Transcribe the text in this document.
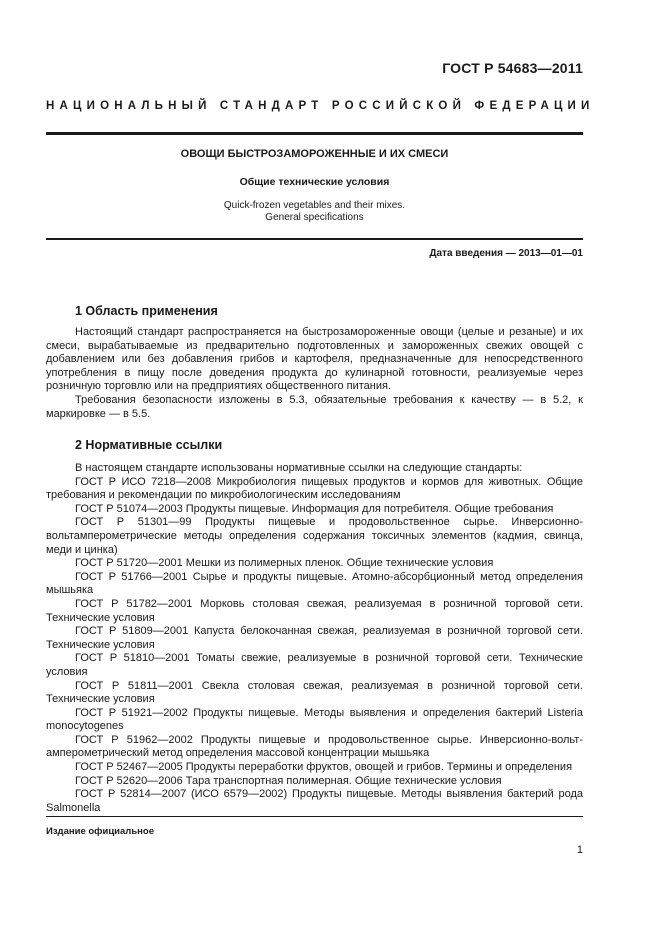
ГОСТ Р 54683—2011
НАЦИОНАЛЬНЫЙ СТАНДАРТ РОССИЙСКОЙ ФЕДЕРАЦИИ
ОВОЩИ БЫСТРОЗАМОРОЖЕННЫЕ И ИХ СМЕСИ
Общие технические условия
Quick-frozen vegetables and their mixes.
General specifications
Дата введения — 2013—01—01
1 Область применения

Настоящий стандарт распространяется на быстрозамороженные овощи (целые и резаные) и их смеси, вырабатываемые из предварительно подготовленных и замороженных свежих овощей с добавлением или без добавления грибов и картофеля, предназначенные для непосредственного употребления в пищу после доведения продукта до кулинарной готовности, реализуемые через розничную торговлю или на предприятиях общественного питания.

Требования безопасности изложены в 5.3, обязательные требования к качеству — в 5.2, к маркировке — в 5.5.

2 Нормативные ссылки

В настоящем стандарте использованы нормативные ссылки на следующие стандарты:

ГОСТ Р ИСО 7218—2008 Микробиология пищевых продуктов и кормов для животных. Общие требования и рекомендации по микробиологическим исследованиям

ГОСТ Р 51074—2003 Продукты пищевые. Информация для потребителя. Общие требования

ГОСТ Р 51301—99 Продукты пищевые и продовольственное сырье. Инверсионно-вольтамперометрические методы определения содержания токсичных элементов (кадмия, свинца, меди и цинка)

ГОСТ Р 51720—2001 Мешки из полимерных пленок. Общие технические условия

ГОСТ Р 51766—2001 Сырье и продукты пищевые. Атомно-абсорбционный метод определения мышьяка

ГОСТ Р 51782—2001 Морковь столовая свежая, реализуемая в розничной торговой сети. Технические условия

ГОСТ Р 51809—2001 Капуста белокочанная свежая, реализуемая в розничной торговой сети. Технические условия

ГОСТ Р 51810—2001 Томаты свежие, реализуемые в розничной торговой сети. Технические условия

ГОСТ Р 51811—2001 Свекла столовая свежая, реализуемая в розничной торговой сети. Технические условия

ГОСТ Р 51921—2002 Продукты пищевые. Методы выявления и определения бактерий Listeria monocytogenes

ГОСТ Р 51962—2002 Продукты пищевые и продовольственное сырье. Инверсионно-вольт-амперометрический метод определения массовой концентрации мышьяка

ГОСТ Р 52467—2005 Продукты переработки фруктов, овощей и грибов. Термины и определения

ГОСТ Р 52620—2006 Тара транспортная полимерная. Общие технические условия

ГОСТ Р 52814—2007 (ИСО 6579—2002) Продукты пищевые. Методы выявления бактерий рода Salmonella

Издание официальное
1
